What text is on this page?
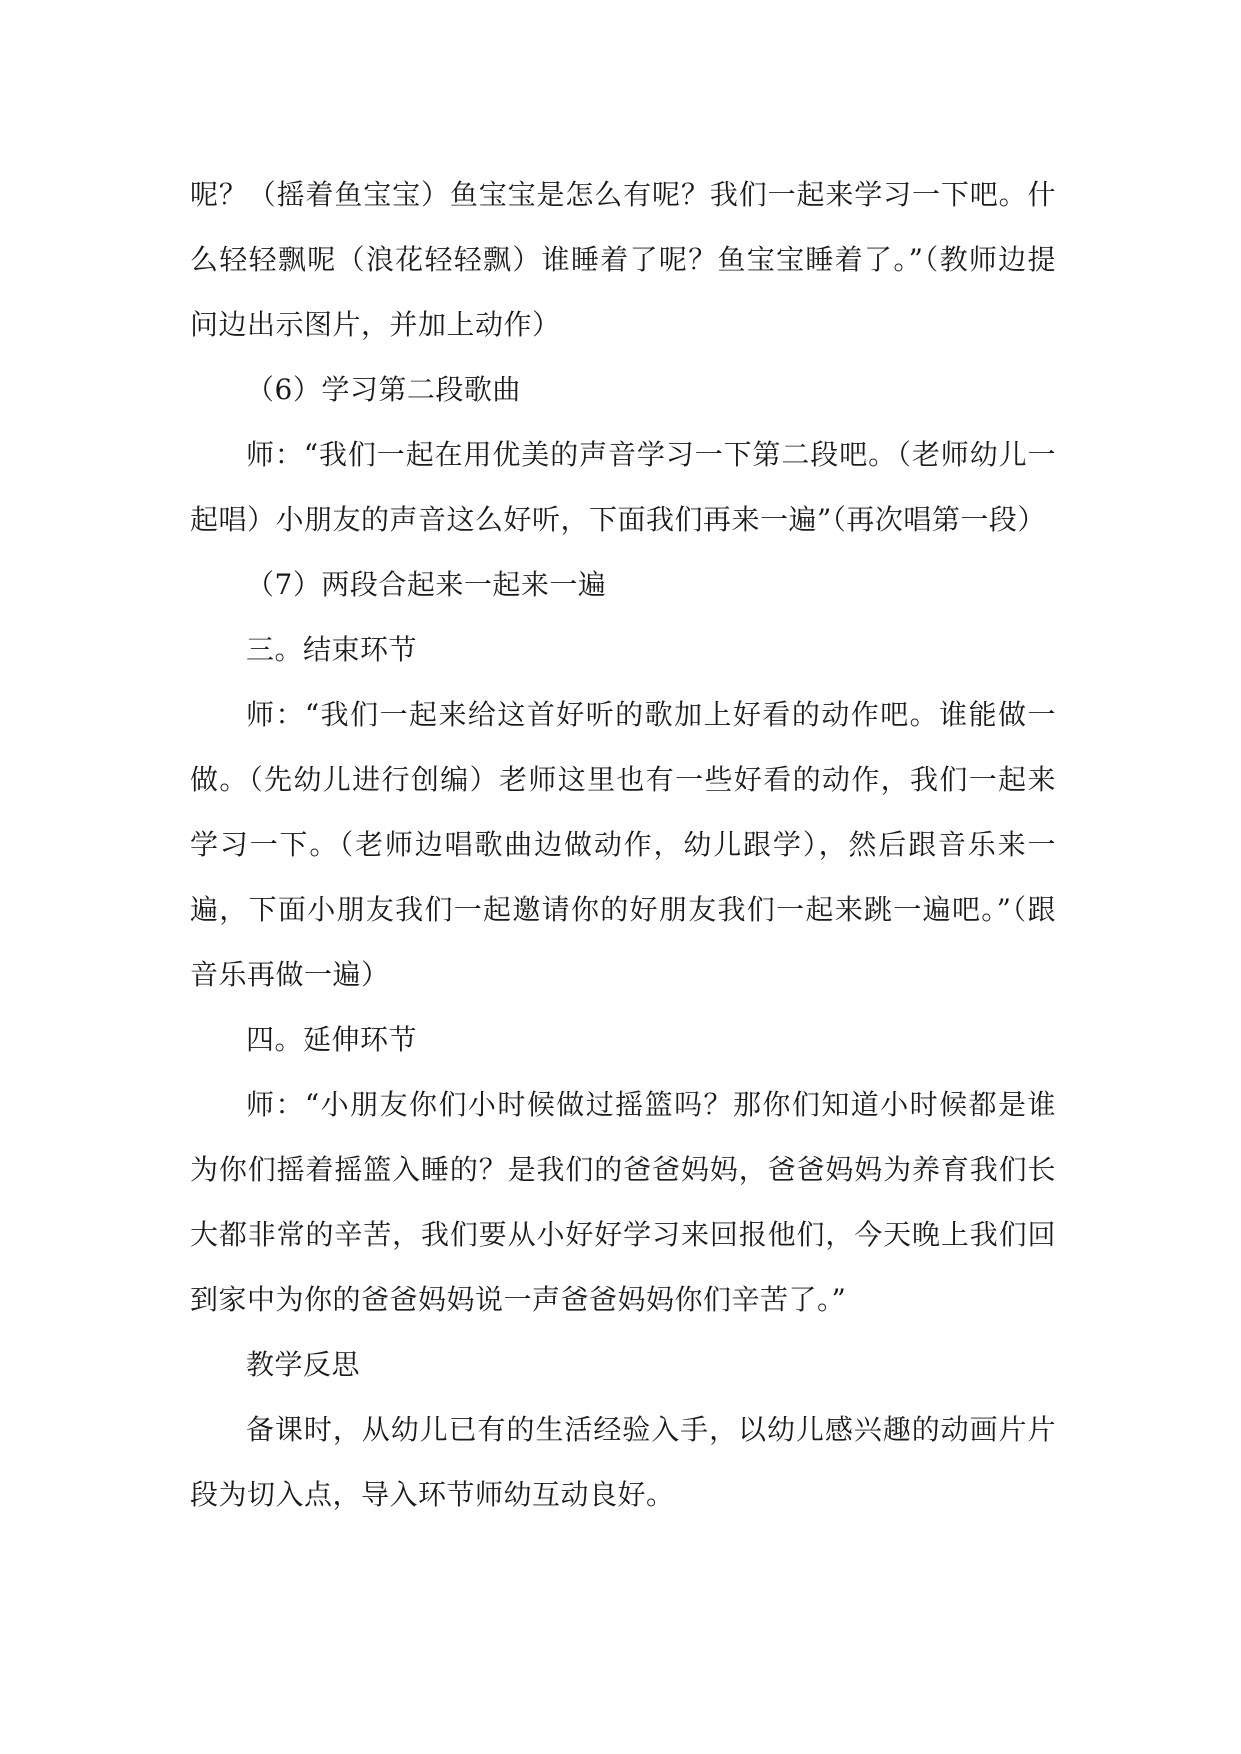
呢？（摇着鱼宝宝）鱼宝宝是怎么有呢？我们一起来学习一下吧。什么轻轻飘呢（浪花轻轻飘）谁睡着了呢？鱼宝宝睡着了。”（教师边提问边出示图片，并加上动作）

（6）学习第二段歌曲

师：“我们一起在用优美的声音学习一下第二段吧。（老师幼儿一起唱）小朋友的声音这么好听，下面我们再来一遍”（再次唱第一段）

（7）两段合起来一起来一遍

三。结束环节

师：“我们一起来给这首好听的歌加上好看的动作吧。谁能做一做。（先幼儿进行创编）老师这里也有一些好看的动作，我们一起来学习一下。（老师边唱歌曲边做动作，幼儿跟学），然后跟音乐来一遍，下面小朋友我们一起邀请你的好朋友我们一起来跳一遍吧。”（跟音乐再做一遍）

四。延伸环节

师：“小朋友你们小时候做过摇篮吗？那你们知道小时候都是谁为你们摇着摇篮入睡的？是我们的爸爸妈妈，爸爸妈妈为养育我们长大都非常的辛苦，我们要从小好好学习来回报他们，今天晚上我们回到家中为你的爸爸妈妈说一声爸爸妈妈你们辛苦了。”

教学反思

备课时，从幼儿已有的生活经验入手，以幼儿感兴趣的动画片片段为切入点，导入环节师幼互动良好。
